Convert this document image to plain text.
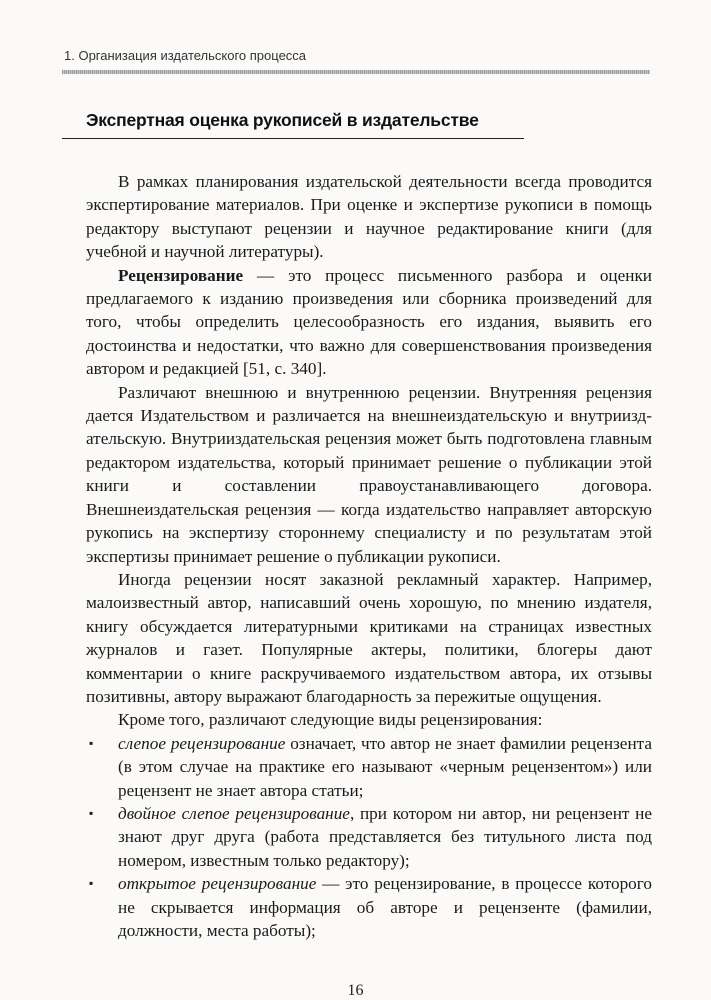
1. Организация издательского процесса
Экспертная оценка рукописей в издательстве

В рамках планирования издательской деятельности всегда проводится экспертирование материалов. При оценке и экспертизе рукописи в помощь редактору выступают рецензии и научное редактирование книги (для учебной и научной литературы).

Рецензирование — это процесс письменного разбора и оценки предлагаемого к изданию произведения или сборника произведений для того, чтобы определить целесообразность его издания, выявить его достоинства и недостатки, что важно для совершенствования произведения автором и редакцией [51, с. 340].

Различают внешнюю и внутреннюю рецензии. Внутренняя рецензия дается Издательством и различается на внешнеиздательскую и внутрииздательскую. Внутрииздательская рецензия может быть подготовлена главным редактором издательства, который принимает решение о публикации этой книги и составлении правоустанавливающего договора. Внешнеиздательская рецензия — когда издательство направляет авторскую рукопись на экспертизу стороннему специалисту и по результатам этой экспертизы принимает решение о публикации рукописи.

Иногда рецензии носят заказной рекламный характер. Например, малоизвестный автор, написавший очень хорошую, по мнению издателя, книгу обсуждается литературными критиками на страницах известных журналов и газет. Популярные актеры, политики, блогеры дают комментарии о книге раскручиваемого издательством автора, их отзывы позитивны, автору выражают благодарность за пережитые ощущения.

Кроме того, различают следующие виды рецензирования:

▪ слепое рецензирование означает, что автор не знает фамилии рецензента (в этом случае на практике его называют «черным рецензентом») или рецензент не знает автора статьи;
▪ двойное слепое рецензирование, при котором ни автор, ни рецензент не знают друг друга (работа представляется без титульного листа под номером, известным только редактору);
▪ открытое рецензирование — это рецензирование, в процессе которого не скрывается информация об авторе и рецензенте (фамилии, должности, места работы);
16
